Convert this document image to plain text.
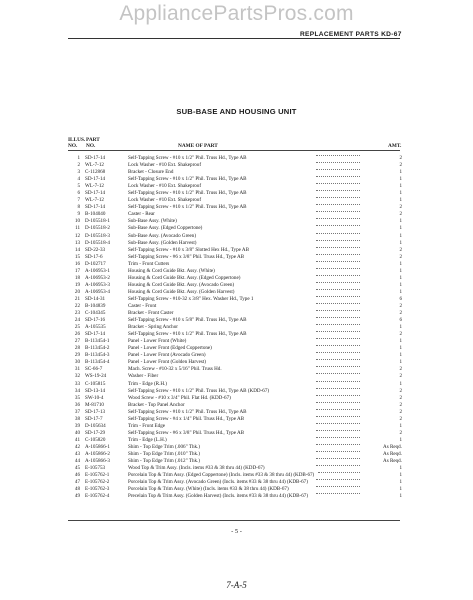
AppliancePartsPros.com
REPLACEMENT PARTS KD-67
SUB-BASE AND HOUSING UNIT
ILLUS.
NO.
PART
NO.	NAME OF PART	AMT.
1 SD-17-14	Self-Tapping Screw - #10 x 1/2" Phil. Truss Hd., Type AB	2
2 WL-7-12	Lock Washer - #10 Ext. Shakeproof	2
3 C-112868	Bracket - Closure End	1
4 SD-17-14	Self-Tapping Screw - #10 x 1/2" Phil. Truss Hd., Type AB	1
5 WL-7-12	Lock Washer - #10 Ext. Shakeproof	1
6 SD-17-14	Self-Tapping Screw - #10 x 1/2" Phil. Truss Hd., Type AB	1
7 WL-7-12	Lock Washer - #10 Ext. Shakeproof	1
8 SD-17-14	Self-Tapping Screw - #10 x 1/2" Phil. Truss Hd., Type AB	2
9 B-104040	Caster - Rear	2
10 D-105518-1	Sub-Base Assy. (White)	1
11 D-105518-2	Sub-Base Assy. (Edged Coppertone)	1
12 D-105518-3	Sub-Base Assy. (Avocado Green)	1
13 D-105518-4	Sub-Base Assy. (Golden Harvest)	1
14 SD-22-33	Self-Tapping Screw - #10 x 3/8" Slotted Hex Hd., Type AB	2
15 SD-17-6	Self-Tapping Screw - #6 x 3/8" Phil. Truss Hd., Type AB	2
16 D-102717	Trim - Front Cutters	1
17 A-106953-1	Housing & Cord Guide Bkt. Assy. (White)	1
18 A-106953-2	Housing & Cord Guide Bkt. Assy. (Edged Coppertone)	1
19 A-106953-3	Housing & Cord Guide Bkt. Assy. (Avocado Green)	1
20 A-106953-4	Housing & Cord Guide Bkt. Assy. (Golden Harvest)	1
21 SD-14-31	Self-Tapping Screw - #10-32 x 3/8" Hex. Washer Hd., Type 1	6
22 B-104839	Caster - Front	2
23 C-104345	Bracket - Front Caster	2
24 SD-17-16	Self-Tapping Screw - #10 x 5/8" Phil. Truss Hd., Type AB	6
25 A-105535	Bracket - Spring Anchor	1
26 SD-17-14	Self-Tapping Screw - #10 x 1/2" Phil. Truss Hd., Type AB	2
27 B-113454-1	Panel - Lower Front (White)	1
28 B-113454-2	Panel - Lower Front (Edged Coppertone)	1
29 B-113454-3	Panel - Lower Front (Avocado Green)	1
30 B-113454-4	Panel - Lower Front (Golden Harvest)	1
31 SC-66-7	Mach. Screw - #10-32 x 5/16" Phil. Truss Hd.	2
32 WS-19-24	Washer - Fiber	2
33 C-105815	Trim - Edge (R.H.)	1
34 SD-13-14	Self-Tapping Screw - #10 x 1/2" Phil. Truss Hd., Type AB (KDD-67)	2
35 SW-10-4	Wood Screw - #10 x 3/4" Phil. Flat Hd. (KDD-67)	2
36 M-81710	Bracket - Top Panel Anchor	2
37 SD-17-13	Self-Tapping Screw - #10 x 1/2" Phil. Truss Hd., Type AB	2
38 SD-17-7	Self-Tapping Screw - #4 x 1/4" Phil. Truss Hd., Type AB	2
39 D-105634	Trim - Front Edge	1
40 SD-17-29	Self-Tapping Screw - #6 x 3/8" Phil. Truss Hd., Type AB	2
41 C-105820	Trim - Edge (L.H.)	1
42 A-105866-1	Shim - Top Edge Trim (.006" Thk.)	As Reqd.
43 A-105866-2	Shim - Top Edge Trim (.010" Thk.)	As Reqd.
44 A-105866-3	Shim - Top Edge Trim (.012" Thk.)	As Reqd.
45 E-105753	Wood Top & Trim Assy. (Incls. items #33 & 38 thru 44) (KDD-67)	1
46 E-105762-1	Porcelain Top & Trim Assy. (Edged Coppertone) (Incls. items #33 & 38 thru 44) (KDB-67)	1
47 E-105762-2	Porcelain Top & Trim Assy. (Avocado Green) (Incls. items #33 & 38 thru 44) (KDB-67)	1
48 E-105762-3	Porcelain Top & Trim Assy. (White) (Incls. items #33 & 38 thru 44) (KDB-67)	1
49 E-105762-4	Precelain Top & Trim Assy. (Golden Harvest) (Incls. items #33 & 38 thru 44) (KDB-67)	1
- 5 -
7-A-5
